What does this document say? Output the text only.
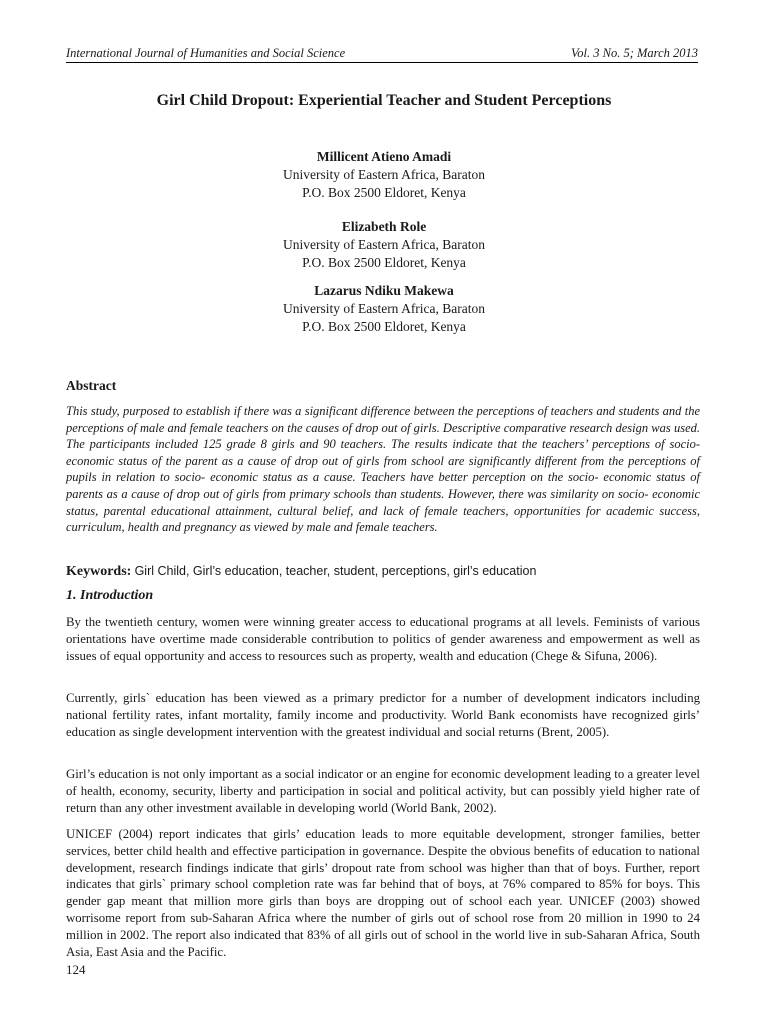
International Journal of Humanities and Social Science	Vol. 3 No. 5; March 2013
Girl Child Dropout: Experiential Teacher and Student Perceptions
Millicent Atieno Amadi
University of Eastern Africa, Baraton
P.O. Box 2500 Eldoret, Kenya
Elizabeth Role
University of Eastern Africa, Baraton
P.O. Box 2500 Eldoret, Kenya
Lazarus Ndiku Makewa
University of Eastern Africa, Baraton
P.O. Box 2500 Eldoret, Kenya
Abstract

This study, purposed to establish if there was a significant difference between the perceptions of teachers and students and the perceptions of male and female teachers on the causes of drop out of girls. Descriptive comparative research design was used. The participants included 125 grade 8 girls and 90 teachers. The results indicate that the teachers’ perceptions of socio- economic status of the parent as a cause of drop out of girls from school are significantly different from the perceptions of pupils in relation to socio- economic status as a cause. Teachers have better perception on the socio- economic status of parents as a cause of drop out of girls from primary schools than students. However, there was similarity on socio- economic status, parental educational attainment, cultural belief, and lack of female teachers, opportunities for academic success, curriculum, health and pregnancy as viewed by male and female teachers.

Keywords: Girl Child, Girl’s education, teacher, student, perceptions, girl’s education
1. Introduction

By the twentieth century, women were winning greater access to educational programs at all levels. Feminists of various orientations have overtime made considerable contribution to politics of gender awareness and empowerment as well as issues of equal opportunity and access to resources such as property, wealth and education (Chege & Sifuna, 2006).

Currently, girls` education has been viewed as a primary predictor for a number of development indicators including national fertility rates, infant mortality, family income and productivity. World Bank economists have recognized girls’ education as single development intervention with the greatest individual and social returns (Brent, 2005).

Girl’s education is not only important as a social indicator or an engine for economic development leading to a greater level of health, economy, security, liberty and participation in social and political activity, but can possibly yield higher rate of return than any other investment available in developing world (World Bank, 2002).

UNICEF (2004) report indicates that girls’ education leads to more equitable development, stronger families, better services, better child health and effective participation in governance. Despite the obvious benefits of education to national development, research findings indicate that girls’ dropout rate from school was higher than that of boys. Further, report indicates that girls` primary school completion rate was far behind that of boys, at 76% compared to 85% for boys. This gender gap meant that million more girls than boys are dropping out of school each year. UNICEF (2003) showed worrisome report from sub-Saharan Africa where the number of girls out of school rose from 20 million in 1990 to 24 million in 2002. The report also indicated that 83% of all girls out of school in the world live in sub-Saharan Africa, South Asia, East Asia and the Pacific.

124
